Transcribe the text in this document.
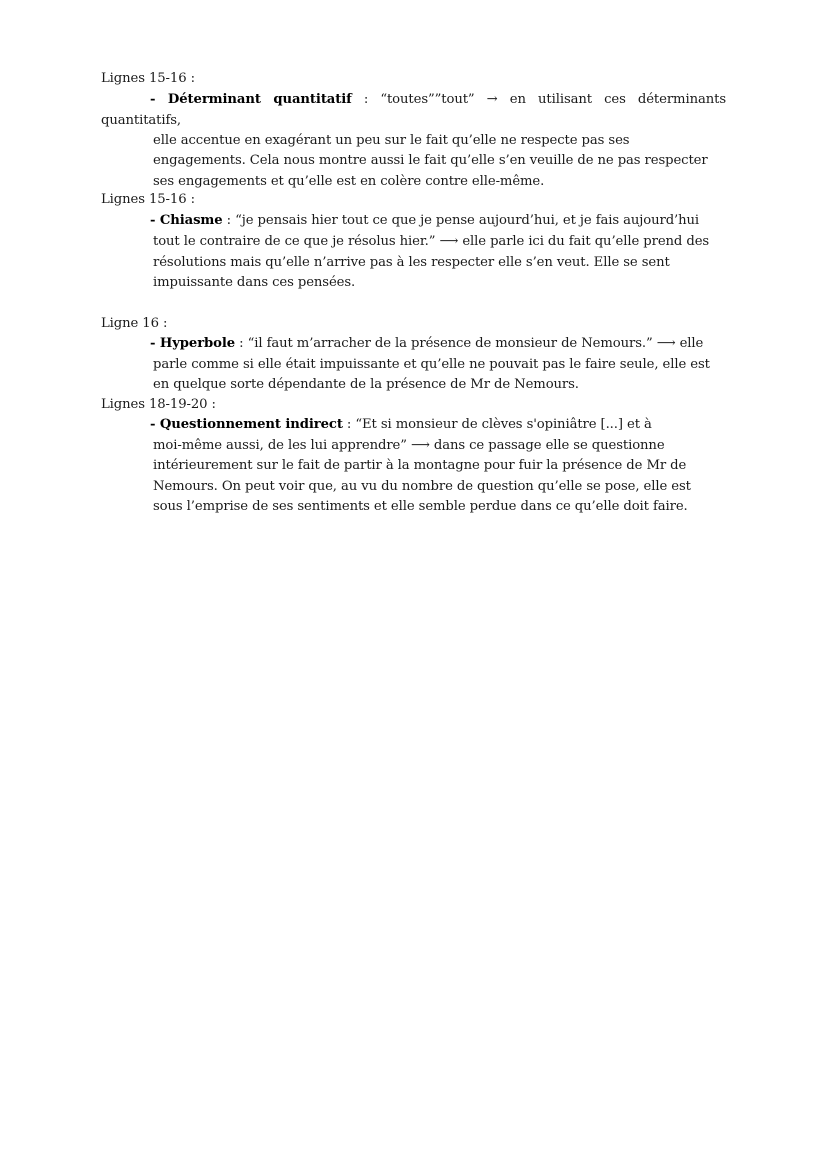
Lignes 15-16 :
- Déterminant quantitatif : “toutes””tout” → en utilisant ces déterminants
quantitatifs,
elle accentue en exagérant un peu sur le fait qu’elle ne respecte pas ses
engagements. Cela nous montre aussi le fait qu’elle s’en veuille de ne pas respecter
ses engagements et qu’elle est en colère contre elle-même.
Lignes 15-16 :
- Chiasme : “je pensais hier tout ce que je pense aujourd’hui, et je fais aujourd’hui
tout le contraire de ce que je résolus hier.” ⟶ elle parle ici du fait qu’elle prend des
résolutions mais qu’elle n’arrive pas à les respecter elle s’en veut. Elle se sent
impuissante dans ces pensées.
Ligne 16 :
- Hyperbole : “il faut m’arracher de la présence de monsieur de Nemours.” ⟶ elle
parle comme si elle était impuissante et qu’elle ne pouvait pas le faire seule, elle est
en quelque sorte dépendante de la présence de Mr de Nemours.
Lignes 18-19-20 :
- Questionnement indirect : “Et si monsieur de clèves s'opiniâtre [...] et à
moi-même aussi, de les lui apprendre” ⟶ dans ce passage elle se questionne
intérieurement sur le fait de partir à la montagne pour fuir la présence de Mr de
Nemours. On peut voir que, au vu du nombre de question qu’elle se pose, elle est
sous l’emprise de ses sentiments et elle semble perdue dans ce qu’elle doit faire.
